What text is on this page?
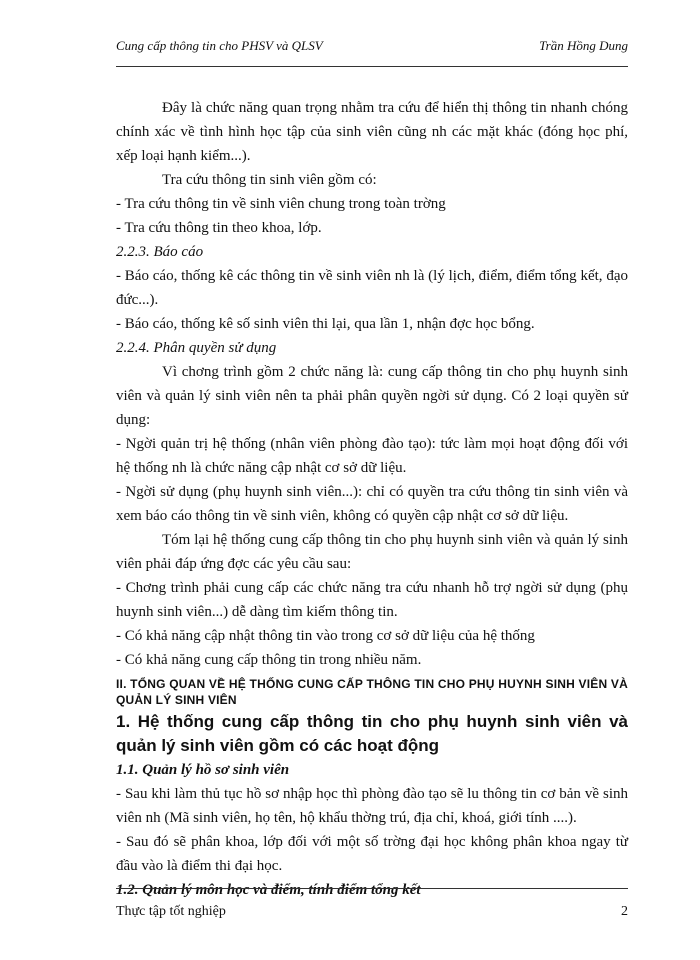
Cung cấp thông tin cho PHSV và QLSV	Trần Hồng Dung

Đây là chức năng quan trọng nhằm tra cứu để hiển thị thông tin nhanh chóng chính xác về tình hình học tập của sinh viên cũng nh các mặt khác (đóng học phí, xếp loại hạnh kiểm...).

Tra cứu thông tin sinh viên gồm có:

- Tra cứu thông tin về sinh viên chung trong toàn trờng

- Tra cứu thông tin theo khoa, lớp.

2.2.3. Báo cáo

- Báo cáo, thống kê các thông tin về sinh viên nh là (lý lịch, điểm, điểm tổng kết, đạo đức...).

- Báo cáo, thống kê số sinh viên thi lại, qua lần 1, nhận đợc học bổng.

2.2.4. Phân quyền sử dụng

Vì chơng trình gồm 2 chức năng là: cung cấp thông tin cho phụ huynh sinh viên và quản lý sinh viên nên ta phải phân quyền ngời sử dụng. Có 2 loại quyền sử dụng:

- Ngời quản trị hệ thống (nhân viên phòng đào tạo): tức làm mọi hoạt động đối với hệ thống nh là chức năng cập nhật cơ sở dữ liệu.

- Ngời sử dụng (phụ huynh sinh viên...): chỉ có quyền tra cứu thông tin sinh viên và xem báo cáo thông tin về sinh viên, không có quyền cập nhật cơ sở dữ liệu.

Tóm lại hệ thống cung cấp thông tin cho phụ huynh sinh viên và quản lý sinh viên phải đáp ứng đợc các yêu cầu sau:

- Chơng trình phải cung cấp các chức năng tra cứu nhanh hỗ trợ ngời sử dụng (phụ huynh sinh viên...) dễ dàng tìm kiếm thông tin.

- Có khả năng cập nhật thông tin vào trong cơ sở dữ liệu của hệ thống

- Có khả năng cung cấp thông tin trong nhiều năm.

II. TỔNG QUAN VỀ HỆ THỐNG CUNG CẤP THÔNG TIN CHO PHỤ HUYNH SINH VIÊN VÀ QUẢN LÝ SINH VIÊN

1. Hệ thống cung cấp thông tin cho phụ huynh sinh viên và quản lý sinh viên gồm có các hoạt động

1.1. Quản lý hồ sơ sinh viên

- Sau khi làm thủ tục hồ sơ nhập học thì phòng đào tạo sẽ lu thông tin cơ bản về sinh viên nh (Mã sinh viên, họ tên, hộ khẩu thờng trú, địa chỉ, khoá, giới tính ....).

- Sau đó sẽ phân khoa, lớp đối với một số trờng đại học không phân khoa ngay từ đầu vào là điểm thi đại học.

1.2. Quản lý môn học và điểm, tính điểm tổng kết

Thực tập tốt nghiệp	2
